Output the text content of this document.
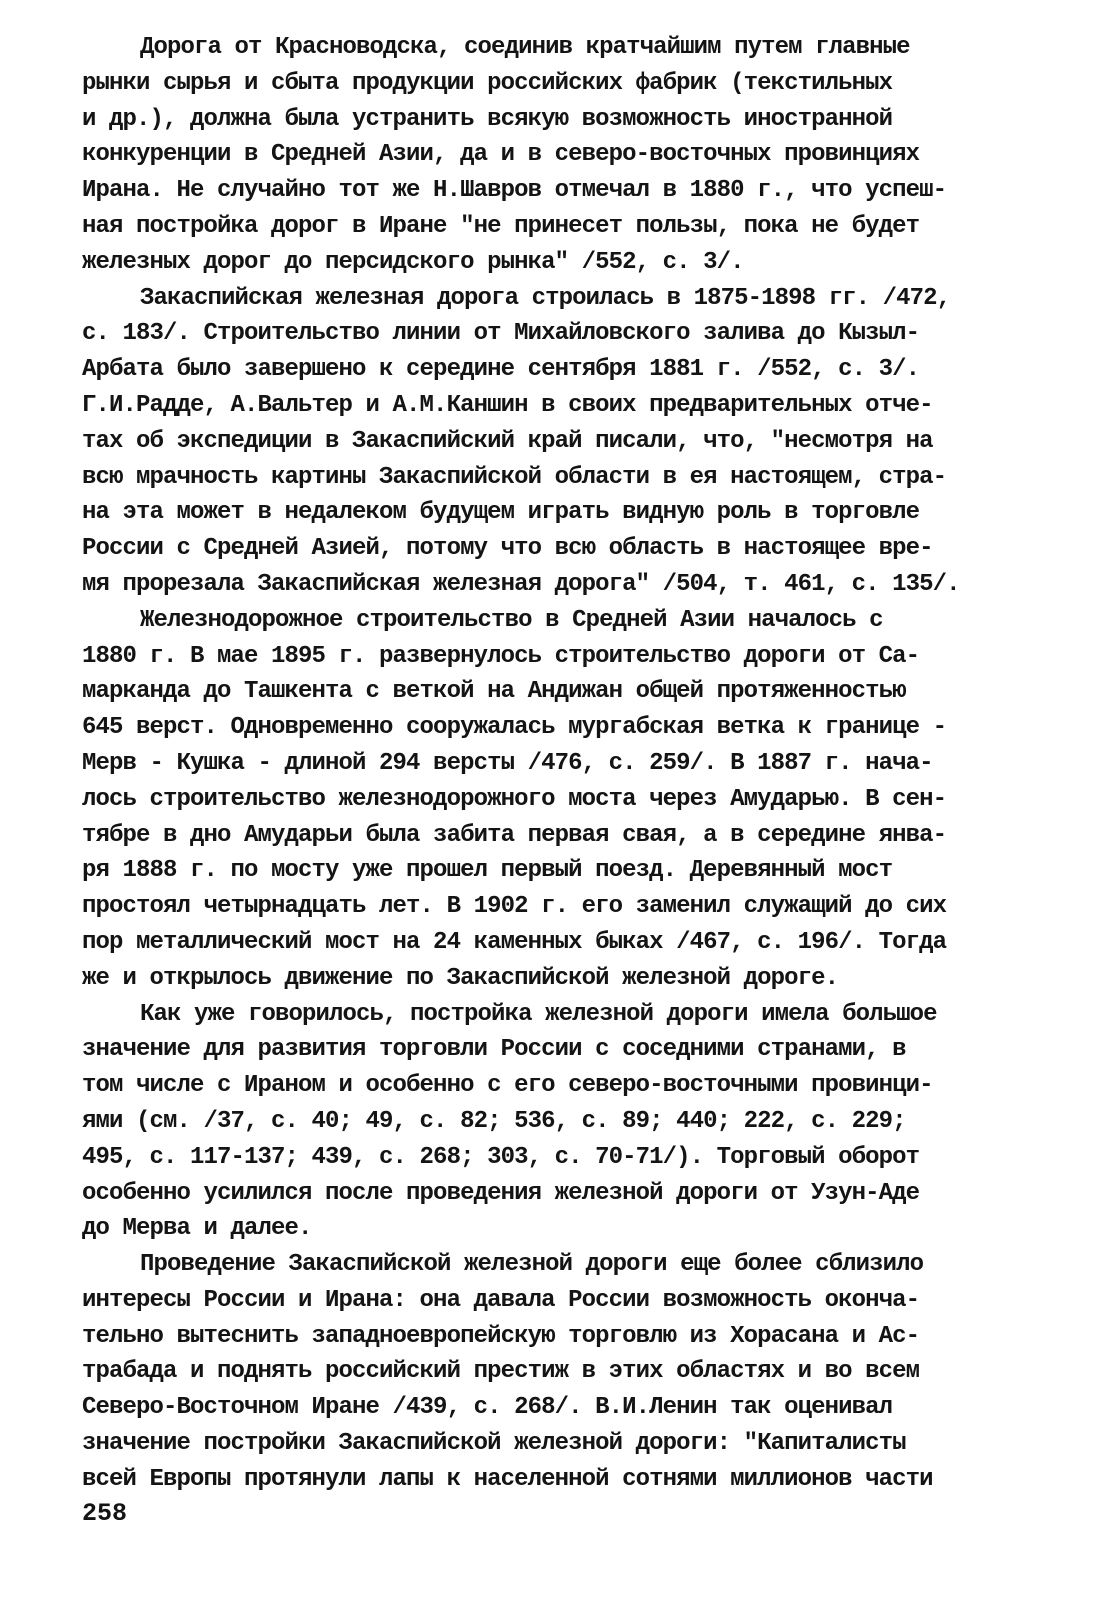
Дорога от Красноводска, соединив кратчайшим путем главные
рынки сырья и сбыта продукции российских фабрик (текстильных
и др.), должна была устранить всякую возможность иностранной
конкуренции в Средней Азии, да и в северо-восточных провинциях
Ирана. Не случайно тот же Н.Шавров отмечал в 1880 г., что успеш-
ная постройка дорог в Иране "не принесет пользы, пока не будет
железных дорог до персидского рынка" /552, с. 3/.
Закаспийская железная дорога строилась в 1875-1898 гг. /472,
с. 183/. Строительство линии от Михайловского залива до Кызыл-
Арбата было завершено к середине сентября 1881 г. /552, с. 3/.
Г.И.Радде, А.Вальтер и А.М.Каншин в своих предварительных отче-
тах об экспедиции в Закаспийский край писали, что, "несмотря на
всю мрачность картины Закаспийской области в ея настоящем, стра-
на эта может в недалеком будущем играть видную роль в торговле
России с Средней Азией, потому что всю область в настоящее вре-
мя прорезала Закаспийская железная дорога" /504, т. 461, с. 135/.
Железнодорожное строительство в Средней Азии началось с
1880 г. В мае 1895 г. развернулось строительство дороги от Са-
марканда до Ташкента с веткой на Андижан общей протяженностью
645 верст. Одновременно сооружалась мургабская ветка к границе -
Мерв - Кушка - длиной 294 версты /476, с. 259/. В 1887 г. нача-
лось строительство железнодорожного моста через Амударью. В сен-
тябре в дно Амударьи была забита первая свая, а в середине янва-
ря 1888 г. по мосту уже прошел первый поезд. Деревянный мост
простоял четырнадцать лет. В 1902 г. его заменил служащий до сих
пор металлический мост на 24 каменных быках /467, с. 196/. Тогда
же и открылось движение по Закаспийской железной дороге.
Как уже говорилось, постройка железной дороги имела большое
значение для развития торговли России с соседними странами, в
том числе с Ираном и особенно с его северо-восточными провинци-
ями (см. /37, с. 40; 49, с. 82; 536, с. 89; 440; 222, с. 229;
495, с. 117-137; 439, с. 268; 303, с. 70-71/). Торговый оборот
особенно усилился после проведения железной дороги от Узун-Аде
до Мерва и далее.
Проведение Закаспийской железной дороги еще более сблизило
интересы России и Ирана: она давала России возможность оконча-
тельно вытеснить западноевропейскую торговлю из Хорасана и Ас-
трабада и поднять российский престиж в этих областях и во всем
Северо-Восточном Иране /439, с. 268/. В.И.Ленин так оценивал
значение постройки Закаспийской железной дороги: "Капиталисты
всей Европы протянули лапы к населенной сотнями миллионов части
258
